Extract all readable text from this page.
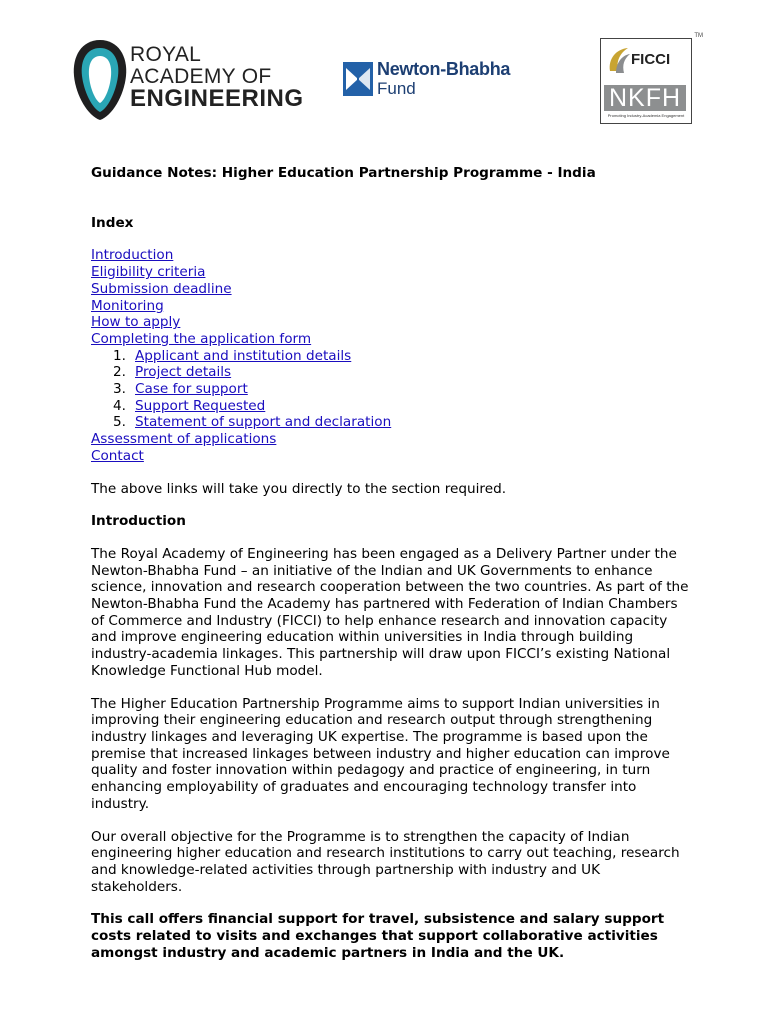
ROYAL
ACADEMY OF
ENGINEERING
Newton-Bhabha
Fund
TM
FICCI
NKFH
Promoting Industry-Academia Engagement

Guidance Notes: Higher Education Partnership Programme - India

Index

Introduction
Eligibility criteria
Submission deadline
Monitoring
How to apply
Completing the application form
1. Applicant and institution details
2. Project details
3. Case for support
4. Support Requested
5. Statement of support and declaration
Assessment of applications
Contact

The above links will take you directly to the section required.

Introduction

The Royal Academy of Engineering has been engaged as a Delivery Partner under the Newton-Bhabha Fund – an initiative of the Indian and UK Governments to enhance science, innovation and research cooperation between the two countries. As part of the Newton-Bhabha Fund the Academy has partnered with Federation of Indian Chambers of Commerce and Industry (FICCI) to help enhance research and innovation capacity and improve engineering education within universities in India through building industry-academia linkages. This partnership will draw upon FICCI’s existing National Knowledge Functional Hub model.

The Higher Education Partnership Programme aims to support Indian universities in improving their engineering education and research output through strengthening industry linkages and leveraging UK expertise. The programme is based upon the premise that increased linkages between industry and higher education can improve quality and foster innovation within pedagogy and practice of engineering, in turn enhancing employability of graduates and encouraging technology transfer into industry.

Our overall objective for the Programme is to strengthen the capacity of Indian engineering higher education and research institutions to carry out teaching, research and knowledge-related activities through partnership with industry and UK stakeholders.

This call offers financial support for travel, subsistence and salary support costs related to visits and exchanges that support collaborative activities amongst industry and academic partners in India and the UK.
